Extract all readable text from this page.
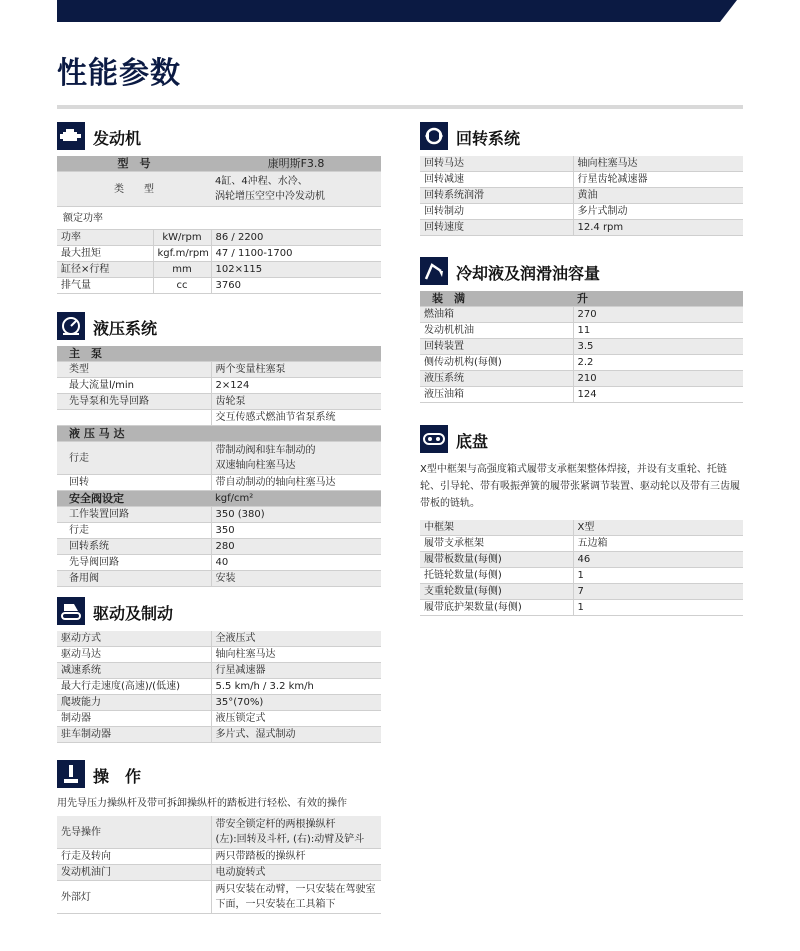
性能参数
发动机
型　号		康明斯F3.8
类　　型		4缸、4冲程、水冷、
涡轮增压空空中冷发动机

额定功率		
功率	kW/rpm	86 / 2200
最大扭矩	kgf.m/rpm	47 / 1100-1700
缸径×行程	mm	102×115
排气量	cc	3760
液压系统
主　泵	
类型	两个变量柱塞泵
最大流量l/min	2×124
先导泵和先导回路	齿轮泵
	交互传感式燃油节省泵系统
液 压 马 达	
行走	带制动阀和驻车制动的
双速轴向柱塞马达

回转	带自动制动的轴向柱塞马达
安全阀设定	kgf/cm²
工作装置回路	350 (380)
行走	350
回转系统	280
先导阀回路	40
备用阀	安装
驱动及制动
驱动方式	全液压式
驱动马达	轴向柱塞马达
减速系统	行星减速器
最大行走速度(高速)/(低速)	5.5 km/h / 3.2 km/h
爬坡能力	35°(70%)
制动器	液压锁定式
驻车制动器	多片式、湿式制动
操　作
用先导压力操纵杆及带可拆卸操纵杆的踏板进行轻松、有效的操作
先导操作	带安全锁定杆的两根操纵杆
(左):回转及斗杆, (右):动臂及铲斗

行走及转向	两只带踏板的操纵杆
发动机油门	电动旋转式
外部灯	两只安装在动臂，一只安装在驾驶室
下面，一只安装在工具箱下
回转系统
回转马达	轴向柱塞马达
回转减速	行星齿轮减速器
回转系统润滑	黄油
回转制动	多片式制动
回转速度	12.4 rpm
冷却液及润滑油容量
装　满	升
燃油箱	270
发动机机油	11
回转装置	3.5
侧传动机构(每侧)	2.2
液压系统	210
液压油箱	124
底盘
X型中框架与高强度箱式履带支承框架整体焊接，并设有支重轮、托链轮、引导轮、带有吸振弹簧的履带张紧调节装置、驱动轮以及带有三齿履带板的链轨。
中框架	X型
履带支承框架	五边箱
履带板数量(每侧)	46
托链轮数量(每侧)	1
支重轮数量(每侧)	7
履带底护架数量(每侧)	1
